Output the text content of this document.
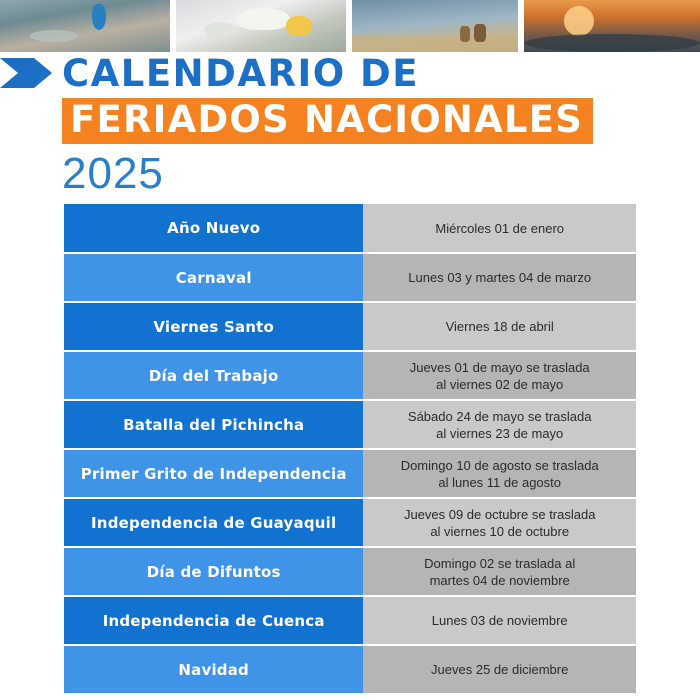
CALENDARIO DE
FERIADOS NACIONALES
2025
Año Nuevo	Miércoles 01 de enero

Carnaval	Lunes 03 y martes 04 de marzo

Viernes Santo	Viernes 18 de abril

Día del Trabajo	Jueves 01 de mayo se traslada
al viernes 02 de mayo

Batalla del Pichincha	Sábado 24 de mayo se traslada
al viernes 23 de mayo

Primer Grito de Independencia	Domingo 10 de agosto se traslada
al lunes 11 de agosto

Independencia de Guayaquil	Jueves 09 de octubre se traslada
al viernes 10 de octubre

Día de Difuntos	Domingo 02 se traslada al
martes 04 de noviembre

Independencia de Cuenca	Lunes 03 de noviembre

Navidad	Jueves 25 de diciembre
